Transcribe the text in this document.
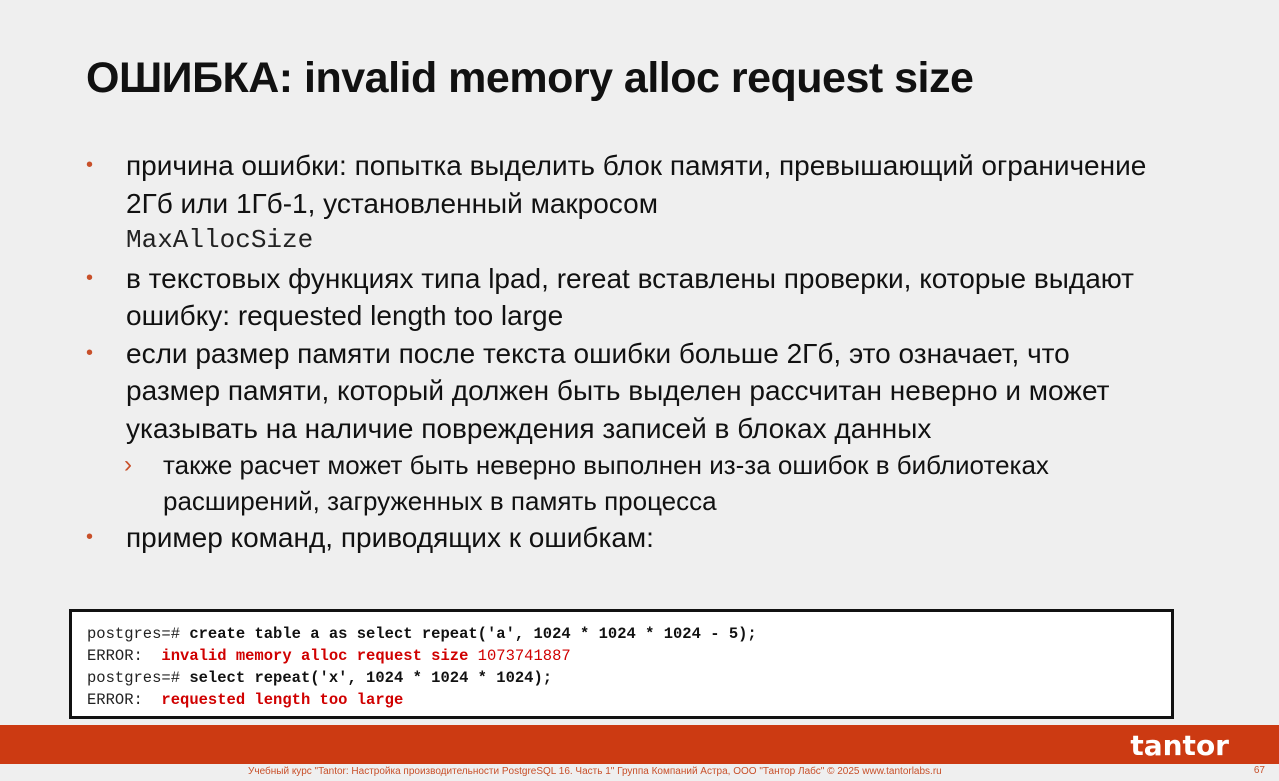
ОШИБКА: invalid memory alloc request size
• причина ошибки: попытка выделить блок памяти, превышающий ограничение 2Гб или 1Гб-1, установленный макросом
MaxAllocSize
• в текстовых функциях типа lpad, rereat вставлены проверки, которые выдают ошибку: requested length too large
• если размер памяти после текста ошибки больше 2Гб, это означает, что размер памяти, который должен быть выделен рассчитан неверно и может указывать на наличие повреждения записей в блоках данных
› также расчет может быть неверно выполнен из-за ошибок в библиотеках расширений, загруженных в память процесса
• пример команд, приводящих к ошибкам:
postgres=# create table a as select repeat('a', 1024 * 1024 * 1024 - 5);
ERROR:  invalid memory alloc request size 1073741887
postgres=# select repeat('x', 1024 * 1024 * 1024);
ERROR:  requested length too large
tantor
Учебный курс "Tantor: Настройка производительности PostgreSQL 16. Часть 1" Группа Компаний Астра, ООО "Тантор Лабс" © 2025 www.tantorlabs.ru	67
